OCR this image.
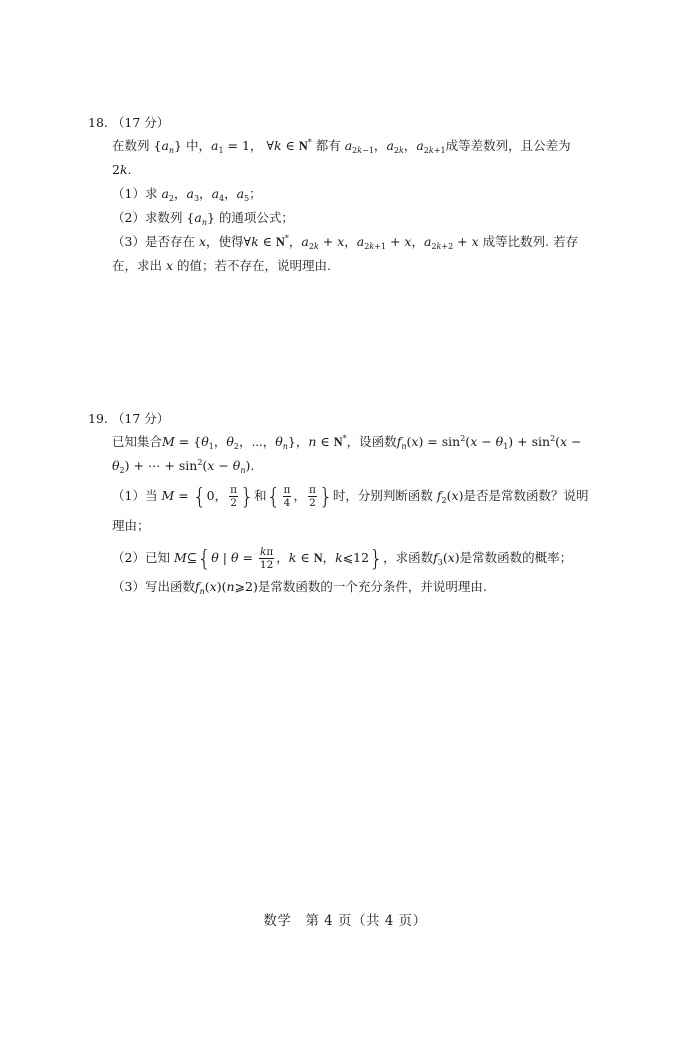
18. （17 分）
在数列 $\{a_n\}$ 中，$a_1 = 1$， ∀k ∈ N* 都有 $a_{2k-1}$，$a_{2k}$，$a_{2k+1}$成等差数列，且公差为
2k.
（1）求 $a_2$，$a_3$，$a_4$，$a_5$；
（2）求数列 $\{a_n\}$ 的通项公式；
（3）是否存在 x，使得∀k ∈ N*，$a_{2k} + x$，$a_{2k+1} + x$，$a_{2k+2} + x$ 成等比数列. 若存
在，求出 x 的值；若不存在，说明理由.
19. （17 分）
已知集合$M = \{\theta_1$，$\theta_2$，⋯，$\theta_n$}，n ∈ N*，设函数$f_n(x) = \sin^2(x - \theta_1) + \sin^2(x$ −
$\theta_2$) + ⋯ + $\sin^2(x - \theta_n)$.
（1）当 M = {0， $\frac{\pi}{2}$ }和{ $\frac{\pi}{4}$ ， $\frac{\pi}{2}$ }时，分别判断函数 $f_2(x)$是否是常数函数？说明
理由；
（2）已知 M⊆{θ | $\theta = \frac{k\pi}{12}$ ，k ∈ N，k⩽12}，求函数$f_3(x)$是常数函数的概率；
（3）写出函数$f_n(x)(n⩾2)$是常数函数的一个充分条件，并说明理由.
数学　第 4 页（共 4 页）
